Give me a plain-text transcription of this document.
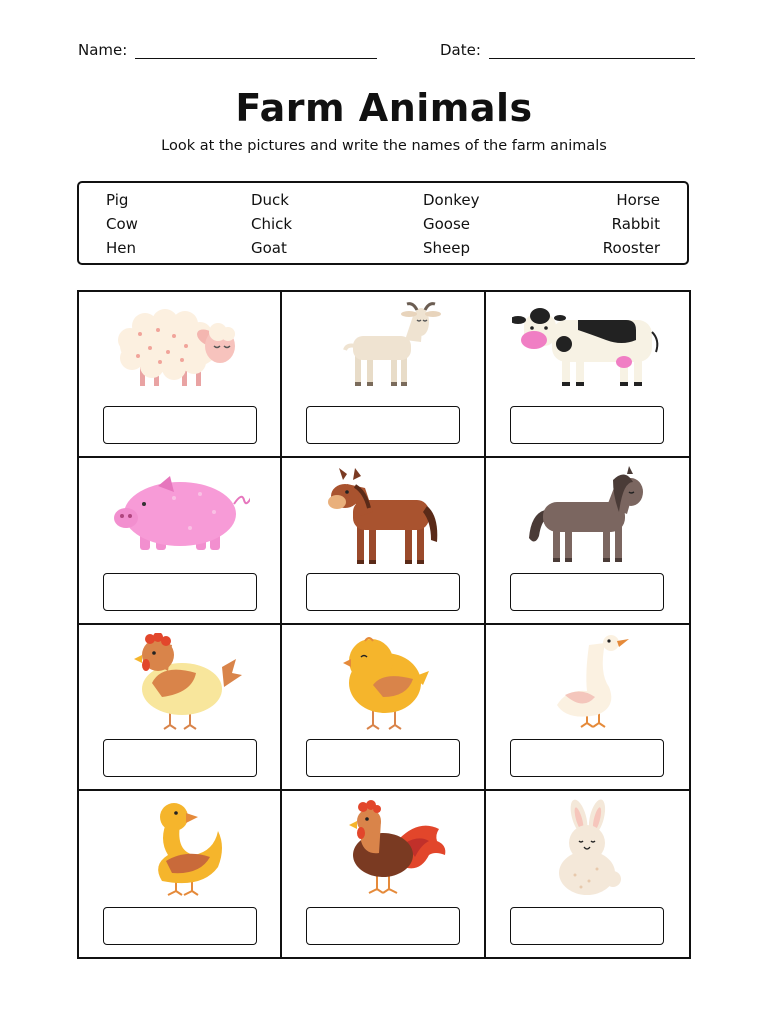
Name:	Date:
Farm Animals
Look at the pictures and write the names of the farm animals
Pig
Cow
Hen
Duck
Chick
Goat
Donkey
Goose
Sheep
Horse
Rabbit
Rooster
